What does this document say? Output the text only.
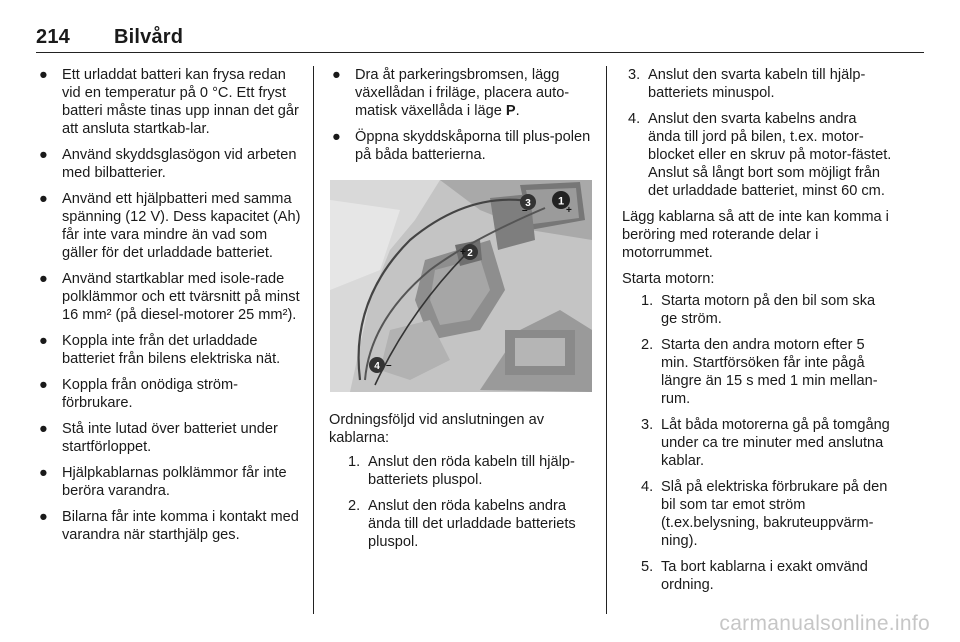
214 Bilvård
● Ett urladdat batteri kan frysa redan vid en temperatur på 0 °C. Ett fryst batteri måste tinas upp innan det går att ansluta startkab-lar.
● Använd skyddsglasögon vid arbeten med bilbatterier.
● Använd ett hjälpbatteri med samma spänning (12 V). Dess kapacitet (Ah) får inte vara mindre än vad som gäller för det urladdade batteriet.
● Använd startkablar med isole-rade polklämmor och ett tvärsnitt på minst 16 mm² (på diesel-motorer 25 mm²).
● Koppla inte från det urladdade batteriet från bilens elektriska nät.
● Koppla från onödiga ström-förbrukare.
● Stå inte lutad över batteriet under startförloppet.
● Hjälpkablarnas polklämmor får inte beröra varandra.
● Bilarna får inte komma i kontakt med varandra när starthjälp ges.
● Dra åt parkeringsbromsen, lägg växellådan i friläge, placera auto-matisk växellåda i läge P.
● Öppna skyddskåporna till plus-polen på båda batterierna.
1
3
2
4
+
+
–
–
Ordningsföljd vid anslutningen av kablarna:
1. Anslut den röda kabeln till hjälp-batteriets pluspol.
2. Anslut den röda kabelns andra ända till det urladdade batteriets pluspol.
3. Anslut den svarta kabeln till hjälp-batteriets minuspol.
4. Anslut den svarta kabelns andra ända till jord på bilen, t.ex. motor-blocket eller en skruv på motor-fästet. Anslut så långt bort som möjligt från det urladdade batteriet, minst 60 cm.
Lägg kablarna så att de inte kan komma i beröring med roterande delar i motorrummet.
Starta motorn:
1. Starta motorn på den bil som ska ge ström.
2. Starta den andra motorn efter 5 min. Startförsöken får inte pågå längre än 15 s med 1 min mellan-rum.
3. Låt båda motorerna gå på tomgång under ca tre minuter med anslutna kablar.
4. Slå på elektriska förbrukare på den bil som tar emot ström (t.ex.belysning, bakruteuppvärm-ning).
5. Ta bort kablarna i exakt omvänd ordning.
carmanualsonline.info
